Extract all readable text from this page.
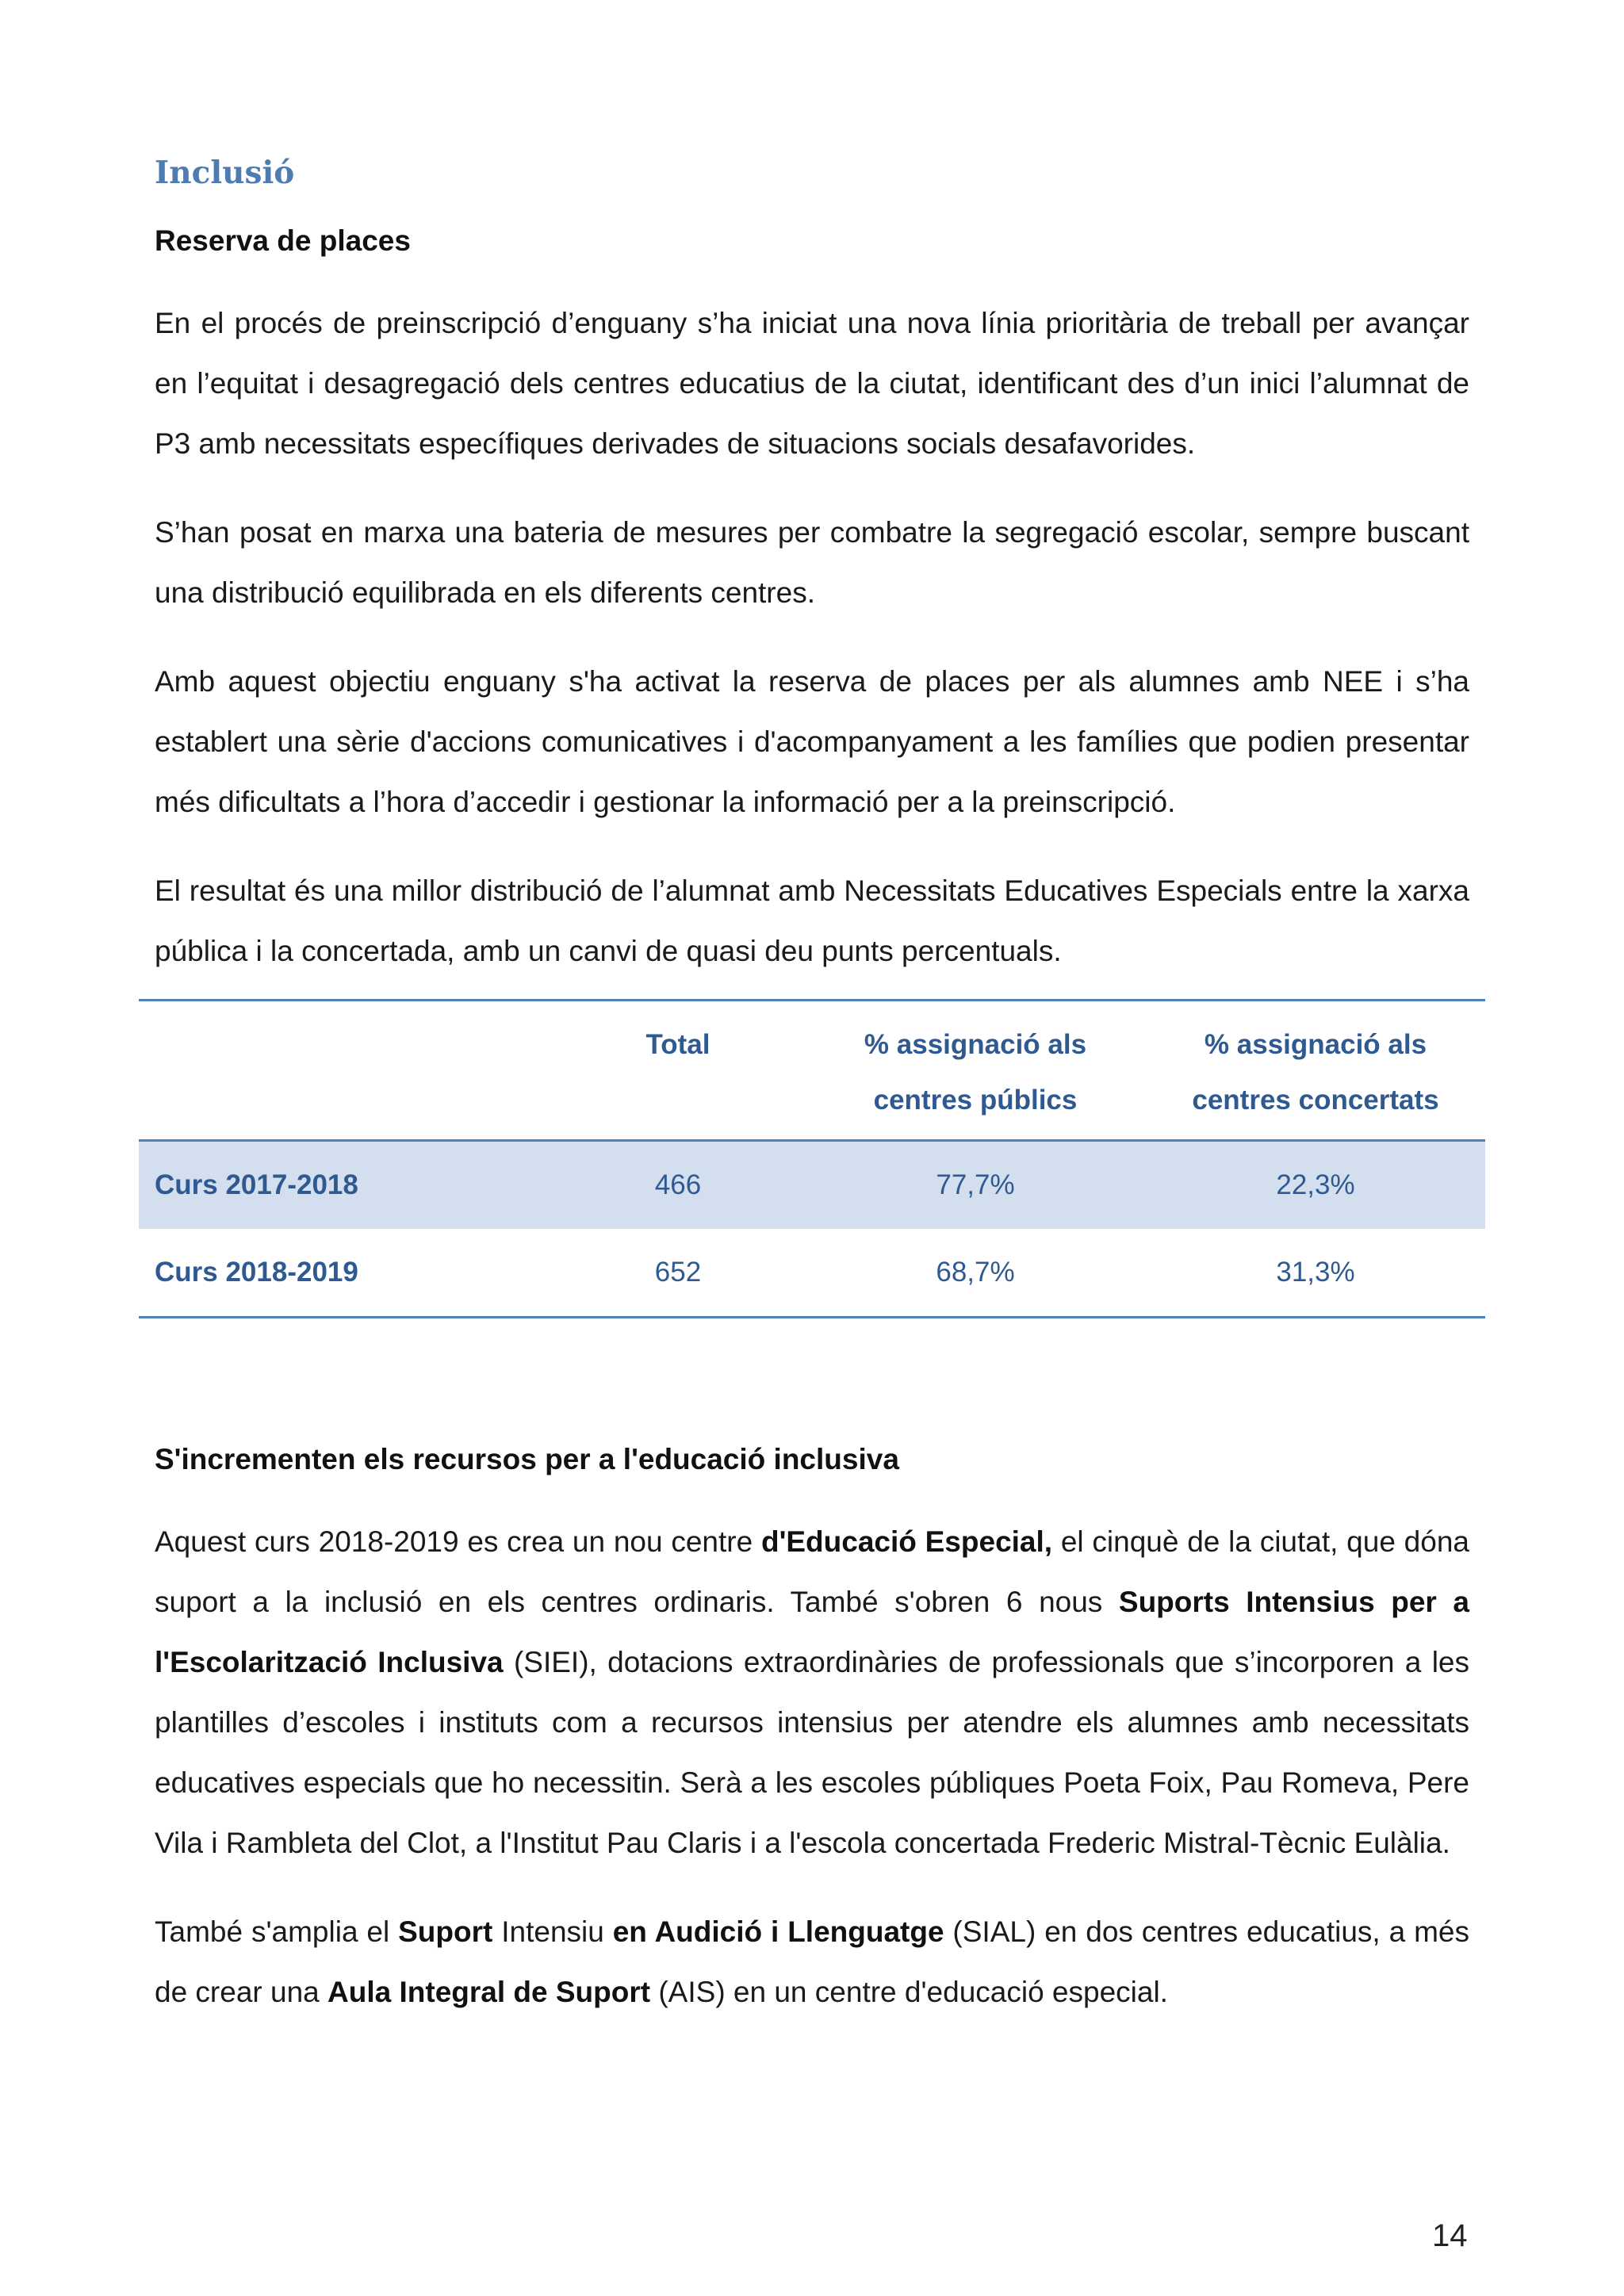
Inclusió
Reserva de places

En el procés de preinscripció d’enguany s’ha iniciat una nova línia prioritària de treball per avançar en l’equitat i desagregació dels centres educatius de la ciutat, identificant des d’un inici l’alumnat de P3 amb necessitats específiques derivades de situacions socials desafavorides.

S’han posat en marxa una bateria de mesures per combatre la segregació escolar, sempre buscant una distribució equilibrada en els diferents centres.

Amb aquest objectiu enguany s'ha activat la reserva de places per als alumnes amb NEE i s’ha establert una sèrie d'accions comunicatives i d'acompanyament a les famílies que podien presentar més dificultats a l’hora d’accedir i gestionar la informació per a la preinscripció.

El resultat és una millor distribució de l’alumnat amb Necessitats Educatives Especials entre la xarxa pública i la concertada, amb un canvi de quasi deu punts percentuals.

	Total	% assignació als centres públics	% assignació als centres concertats
Curs 2017-2018	466	77,7%	22,3%
Curs 2018-2019	652	68,7%	31,3%
S'incrementen els recursos per a l'educació inclusiva

Aquest curs 2018-2019 es crea un nou centre d'Educació Especial, el cinquè de la ciutat, que dóna suport a la inclusió en els centres ordinaris. També s'obren 6 nous Suports Intensius per a l'Escolarització Inclusiva (SIEI), dotacions extraordinàries de professionals que s’incorporen a les plantilles d’escoles i instituts com a recursos intensius per atendre els alumnes amb necessitats educatives especials que ho necessitin. Serà a les escoles públiques Poeta Foix, Pau Romeva, Pere Vila i Rambleta del Clot, a l'Institut Pau Claris i a l'escola concertada Frederic Mistral-Tècnic Eulàlia.

També s'amplia el Suport Intensiu en Audició i Llenguatge (SIAL) en dos centres educatius, a més de crear una Aula Integral de Suport (AIS) en un centre d'educació especial.

14
